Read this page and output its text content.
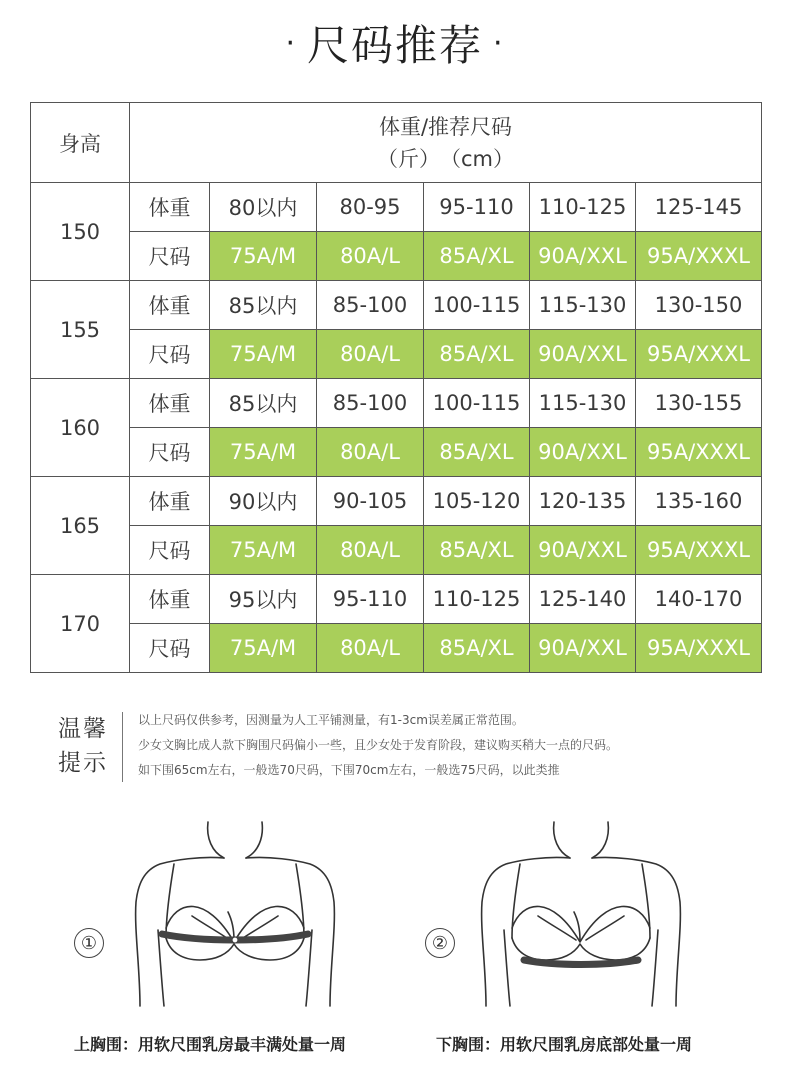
· 尺码推荐 ·
身高	体重/推荐尺码
（斤）　（cm）					

150	体重	80以内	80-95	95-110	110-125	125-145
	尺码	75A/M	80A/L	85A/XL	90A/XXL	95A/XXXL
155	体重	85以内	85-100	100-115	115-130	130-150
	尺码	75A/M	80A/L	85A/XL	90A/XXL	95A/XXXL
160	体重	85以内	85-100	100-115	115-130	130-155
	尺码	75A/M	80A/L	85A/XL	90A/XXL	95A/XXXL
165	体重	90以内	90-105	105-120	120-135	135-160
	尺码	75A/M	80A/L	85A/XL	90A/XXL	95A/XXXL
170	体重	95以内	95-110	110-125	125-140	140-170
	尺码	75A/M	80A/L	85A/XL	90A/XXL	95A/XXXL
温馨
提示
以上尺码仅供参考，因测量为人工平铺测量，有1-3cm误差属正常范围。
少女文胸比成人款下胸围尺码偏小一些，且少女处于发育阶段，建议购买稍大一点的尺码。
如下围65cm左右，一般选70尺码，下围70cm左右，一般选75尺码，以此类推
①
上胸围：用软尺围乳房最丰满处量一周
②
下胸围：用软尺围乳房底部处量一周
